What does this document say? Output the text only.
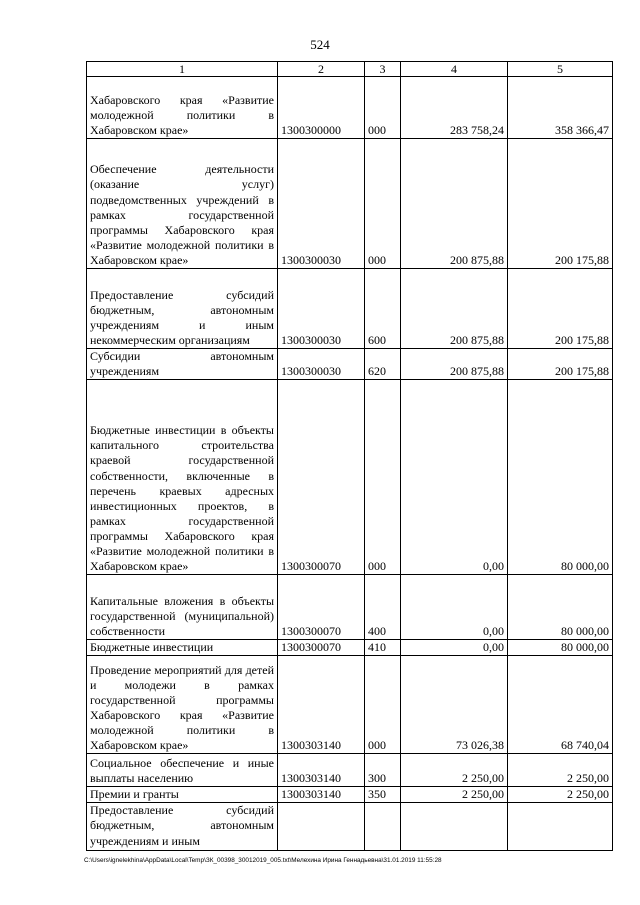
524
1	2	3	4	5
Хабаровского края «Развитие молодежной политики в Хабаровском крае»	1300300000	000	283 758,24	358 366,47
Обеспечение деятельности (оказание услуг) подведомственных учреждений в рамках государственной программы Хабаровского края «Развитие молодежной политики в Хабаровском крае»	1300300030	000	200 875,88	200 175,88
Предоставление субсидий бюджетным, автономным учреждениям и иным некоммерческим организациям	1300300030	600	200 875,88	200 175,88
Субсидии автономным учреждениям	1300300030	620	200 875,88	200 175,88
Бюджетные инвестиции в объекты капитального строительства краевой государственной собственности, включенные в перечень краевых адресных инвестиционных проектов, в рамках государственной программы Хабаровского края «Развитие молодежной политики в Хабаровском крае»	1300300070	000	0,00	80 000,00
Капитальные вложения в объекты государственной (муниципальной) собственности	1300300070	400	0,00	80 000,00
Бюджетные инвестиции	1300300070	410	0,00	80 000,00
Проведение мероприятий для детей и молодежи в рамках государственной программы Хабаровского края «Развитие молодежной политики в Хабаровском крае»	1300303140	000	73 026,38	68 740,04
Социальное обеспечение и иные выплаты населению	1300303140	300	2 250,00	2 250,00
Премии и гранты	1300303140	350	2 250,00	2 250,00
Предоставление субсидий бюджетным, автономным учреждениям и иным				
C:\Users\ignelekhina\AppData\Local\Temp\ЗК_00398_30012019_005.txt\Мелехина Ирина Геннадьевна\31.01.2019 11:55:28
